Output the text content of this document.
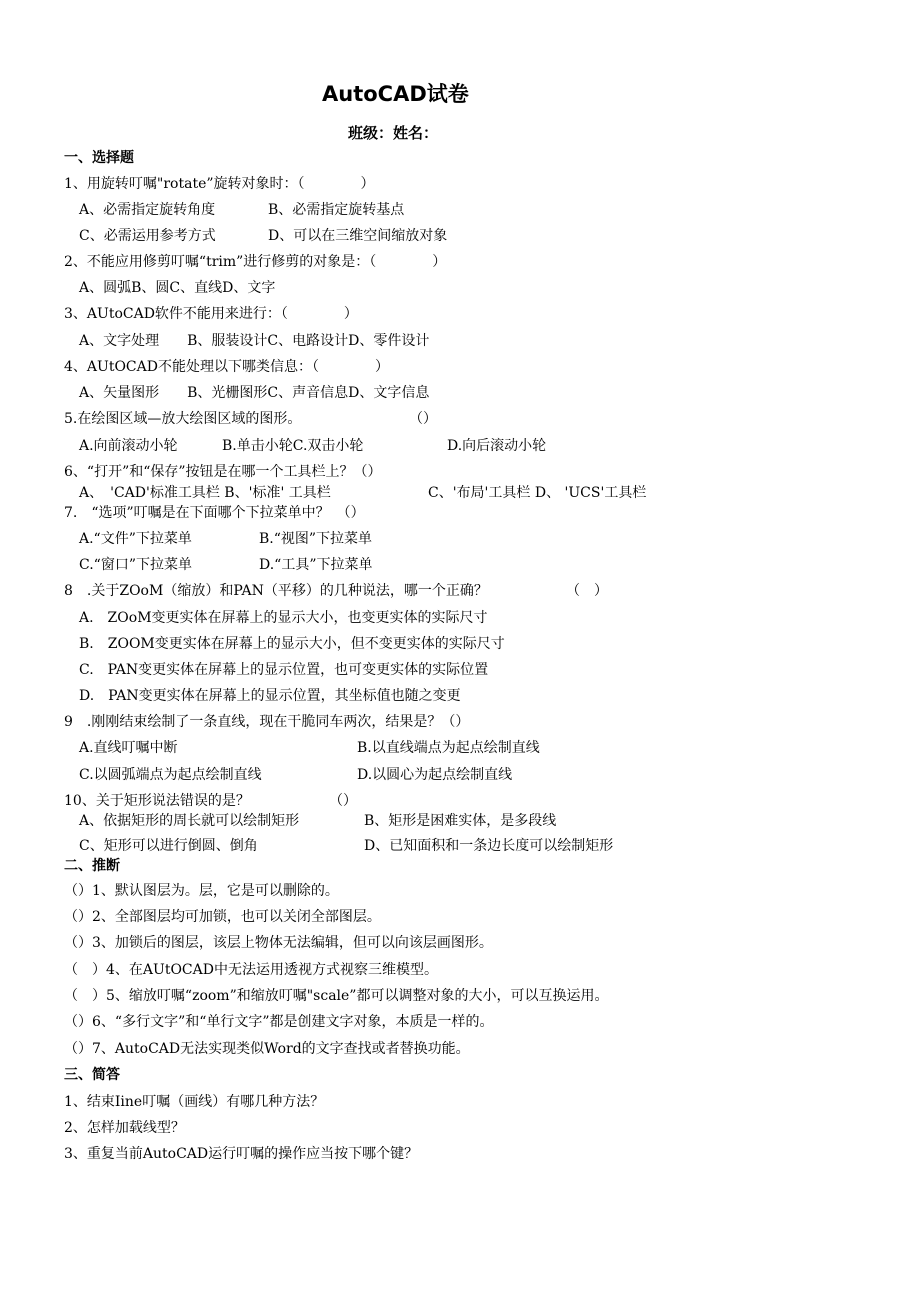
AutoCAD试卷
班级：姓名：
一、选择题
1、用旋转叮嘱"rotate”旋转对象时：（　　　　）
A、必需指定旋转角度	B、必需指定旋转基点
C、必需运用参考方式	D、可以在三维空间缩放对象
2、不能应用修剪叮嘱“trim”进行修剪的对象是：（　　　　）
A、圆弧B、圆C、直线D、文字
3、AUtoCAD软件不能用来进行：（　　　　）
A、文字处理　　B、服装设计C、电路设计D、零件设计
4、AUtOCAD不能处理以下哪类信息：（　　　　）
A、矢量图形　　B、光栅图形C、声音信息D、文字信息
5.在绘图区域—放大绘图区域的图形。	（）
A.向前滚动小轮	B.单击小轮C.双击小轮	D.向后滚动小轮
6、“打开”和“保存”按钮是在哪一个工具栏上？（）
A、　'CAD'标准工具栏 B、'标准' 工具栏	C、'布局'工具栏 D、 'UCS'工具栏
7.　“选项”叮嘱是在下面哪个下拉菜单中？　（）
A.“文件”下拉菜单	B.“视图”下拉菜单
C.“窗口”下拉菜单	D.“工具”下拉菜单
8　.关于ZOoM（缩放）和PAN（平移）的几种说法，哪一个正确？	（　）
A.　ZOoM变更实体在屏幕上的显示大小，也变更实体的实际尺寸
B.　ZOOM变更实体在屏幕上的显示大小，但不变更实体的实际尺寸
C.　PAN变更实体在屏幕上的显示位置，也可变更实体的实际位置
D.　PAN变更实体在屏幕上的显示位置，其坐标值也随之变更
9　.刚刚结束绘制了一条直线，现在干脆同车两次，结果是？（）
A.直线叮嘱中断	B.以直线端点为起点绘制直线
C.以圆弧端点为起点绘制直线	D.以圆心为起点绘制直线
10、关于矩形说法错误的是？	（）
A、依据矩形的周长就可以绘制矩形	B、矩形是困难实体，是多段线
C、矩形可以进行倒圆、倒角	D、已知面积和一条边长度可以绘制矩形
二、推断
（）1、默认图层为。层，它是可以删除的。
（）2、全部图层均可加锁，也可以关闭全部图层。
（）3、加锁后的图层，该层上物体无法编辑，但可以向该层画图形。
（　）4、在AUtOCAD中无法运用透视方式视察三维模型。
（　）5、缩放叮嘱“zoom”和缩放叮嘱"scale”都可以调整对象的大小，可以互换运用。
（）6、“多行文字”和“单行文字”都是创建文字对象，本质是一样的。
（）7、AutoCAD无法实现类似Word的文字查找或者替换功能。
三、简答
1、结束Iine叮嘱（画线）有哪几种方法？
2、怎样加载线型？
3、重复当前AutoCAD运行叮嘱的操作应当按下哪个键？
